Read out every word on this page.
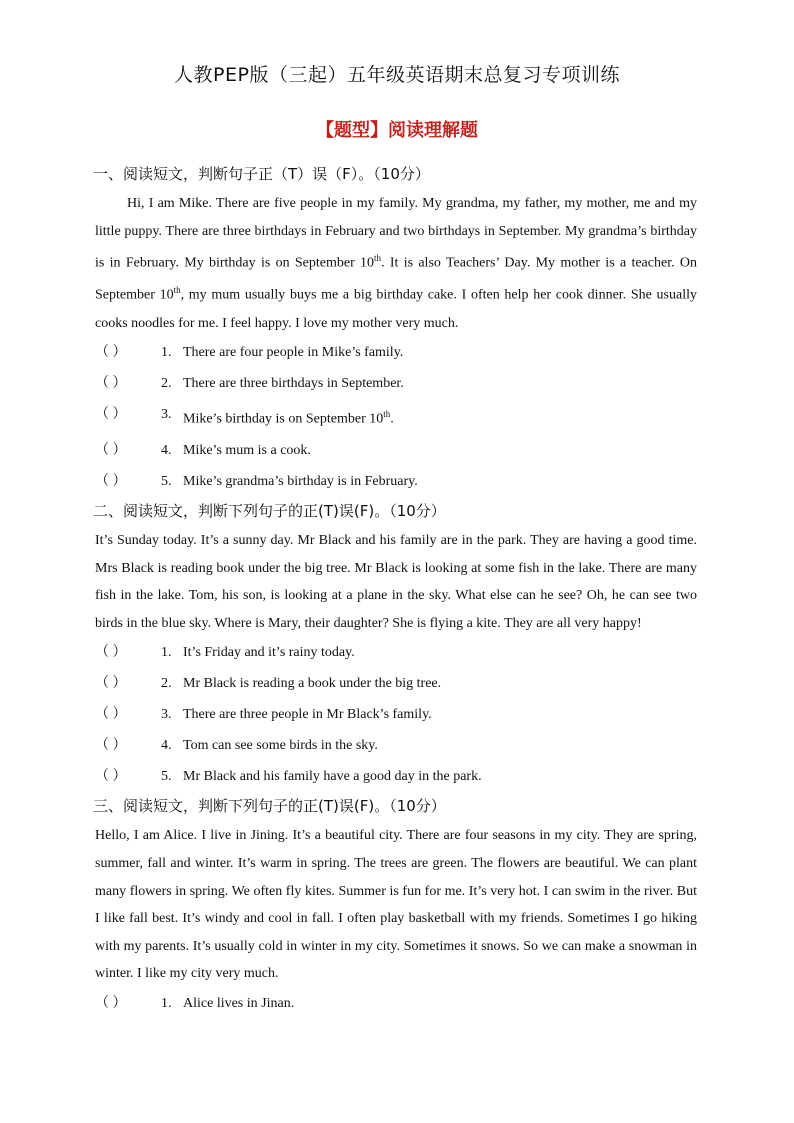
人教PEP版（三起）五年级英语期末总复习专项训练
【题型】阅读理解题
一、阅读短文，判断句子正（T）误（F）。（10分）

Hi, I am Mike. There are five people in my family. My grandma, my father, my mother, me and my little puppy. There are three birthdays in February and two birthdays in September. My grandma’s birthday is in February. My birthday is on September 10th. It is also Teachers’ Day. My mother is a teacher. On September 10th, my mum usually buys me a big birthday cake. I often help her cook dinner. She usually cooks noodles for me. I feel happy. I love my mother very much.

（ ）	1. There are four people in Mike’s family.
（ ）	2. There are three birthdays in September.
（ ）	3. Mike’s birthday is on September 10th.
（ ）	4. Mike’s mum is a cook.
（ ）	5. Mike’s grandma’s birthday is in February.
二、阅读短文，判断下列句子的正(T)误(F)。（10分）

It’s Sunday today. It’s a sunny day. Mr Black and his family are in the park. They are having a good time. Mrs Black is reading book under the big tree. Mr Black is looking at some fish in the lake. There are many fish in the lake. Tom, his son, is looking at a plane in the sky. What else can he see? Oh, he can see two birds in the blue sky. Where is Mary, their daughter? She is flying a kite. They are all very happy!

（ ）	1. It’s Friday and it’s rainy today.
（ ）	2. Mr Black is reading a book under the big tree.
（ ）	3. There are three people in Mr Black’s family.
（ ）	4. Tom can see some birds in the sky.
（ ）	5. Mr Black and his family have a good day in the park.
三、阅读短文，判断下列句子的正(T)误(F)。（10分）

Hello, I am Alice. I live in Jining. It’s a beautiful city. There are four seasons in my city. They are spring, summer, fall and winter. It’s warm in spring. The trees are green. The flowers are beautiful. We can plant many flowers in spring. We often fly kites. Summer is fun for me. It’s very hot. I can swim in the river. But I like fall best. It’s windy and cool in fall. I often play basketball with my friends. Sometimes I go hiking with my parents. It’s usually cold in winter in my city. Sometimes it snows. So we can make a snowman in winter. I like my city very much.

（ ）	1. Alice lives in Jinan.
